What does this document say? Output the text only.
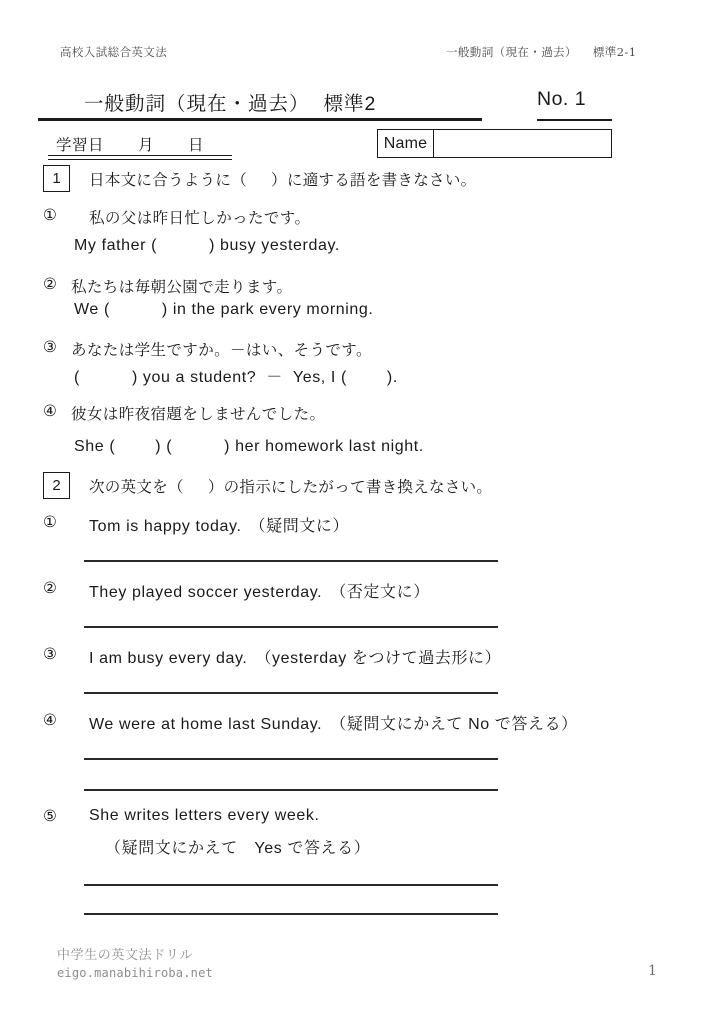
高校入試総合英文法	一般動詞（現在・過去） 標準2-1
一般動詞（現在・過去） 標準2	No. 1
学習日 月 日	Name
1	日本文に合うように（ ）に適する語を書きなさい。
①	私の父は昨日忙しかったです。
My father (	) busy yesterday.
② 私たちは毎朝公園で走ります。
We (	) in the park every morning.
③ あなたは学生ですか。－はい、そうです。
(	) you a student? － Yes, I (	).
④ 彼女は昨夜宿題をしませんでした。
She (	) (	) her homework last night.
2	次の英文を（ ）の指示にしたがって書き換えなさい。
①	Tom is happy today. （疑問文に）
②	They played soccer yesterday. （否定文に）
③	I am busy every day. （yesterday をつけて過去形に）
④	We were at home last Sunday. （疑問文にかえて No で答える）
⑤	She writes letters every week.
（疑問文にかえて　Yes で答える）
中学生の英文法ドリル
eigo.manabihiroba.net	1
